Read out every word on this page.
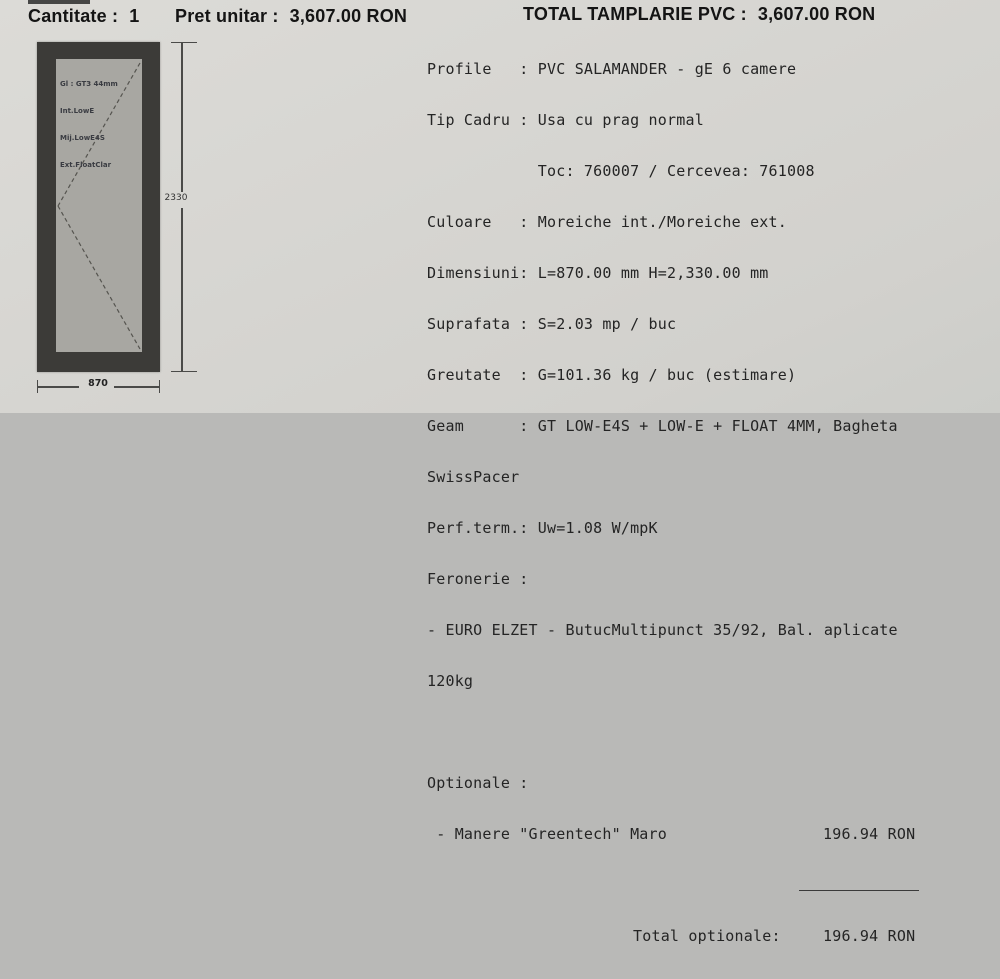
Cantitate : 1 Pret unitar : 3,607.00 RON	TOTAL TAMPLARIE PVC : 3,607.00 RON

Gl : GT3 44mm

Int.LowE

Mij.LowE4S

Ext.FloatClar

2330
870

Profile   : PVC SALAMANDER - gE 6 camere

Tip Cadru : Usa cu prag normal

Toc: 760007 / Cercevea: 761008

Culoare   : Moreiche int./Moreiche ext.

Dimensiuni: L=870.00 mm H=2,330.00 mm

Suprafata : S=2.03 mp / buc

Greutate  : G=101.36 kg / buc (estimare)

Geam      : GT LOW-E4S + LOW-E + FLOAT 4MM, Bagheta

SwissPacer

Perf.term.: Uw=1.08 W/mpK

Feronerie :

- EURO ELZET - ButucMultipunct 35/92, Bal. aplicate

120kg

Optionale :

- Manere "Greentech" Maro	196.94 RON

Total optionale:	196.94 RON
